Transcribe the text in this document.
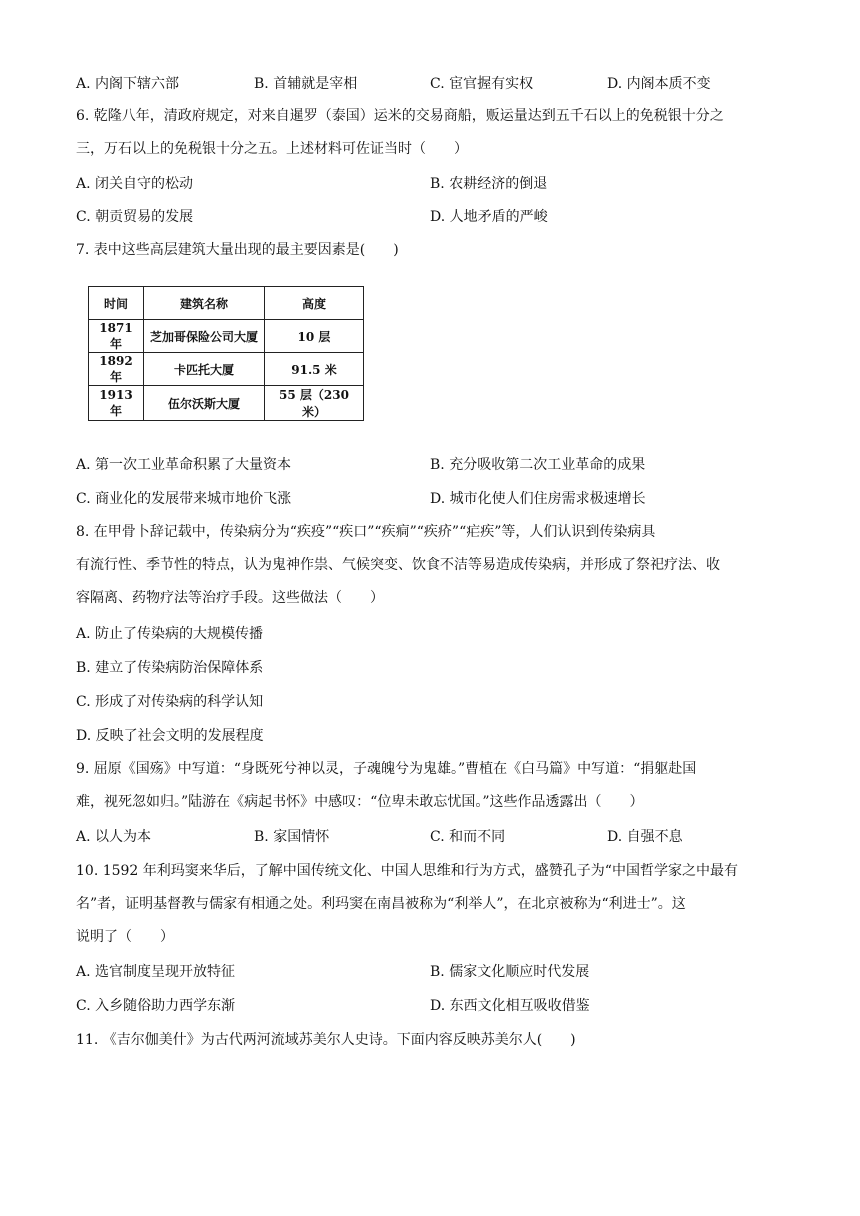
A. 内阁下辖六部	B. 首辅就是宰相	C. 宦官握有实权	D. 内阁本质不变
6. 乾隆八年，清政府规定，对来自暹罗（泰国）运米的交易商船，贩运量达到五千石以上的免税银十分之
三，万石以上的免税银十分之五。上述材料可佐证当时（　　）
A. 闭关自守的松动	B. 农耕经济的倒退
C. 朝贡贸易的发展	D. 人地矛盾的严峻
7. 表中这些高层建筑大量出现的最主要因素是(　　)
时间	建筑名称	高度
1871 年	芝加哥保险公司大厦	10 层
1892 年	卡匹托大厦	91.5 米
1913 年	伍尔沃斯大厦	55 层（230 米）
A. 第一次工业革命积累了大量资本	B. 充分吸收第二次工业革命的成果
C. 商业化的发展带来城市地价飞涨	D. 城市化使人们住房需求极速增长
8. 在甲骨卜辞记载中，传染病分为“疾疫”“疾口”“疾痌”“疾疥”“疟疾”等，人们认识到传染病具
有流行性、季节性的特点，认为鬼神作祟、气候突变、饮食不洁等易造成传染病，并形成了祭祀疗法、收
容隔离、药物疗法等治疗手段。这些做法（　　）
A. 防止了传染病的大规模传播
B. 建立了传染病防治保障体系
C. 形成了对传染病的科学认知
D. 反映了社会文明的发展程度
9. 屈原《国殇》中写道：“身既死兮神以灵，子魂魄兮为鬼雄。”曹植在《白马篇》中写道：“捐躯赴国
难，视死忽如归。”陆游在《病起书怀》中感叹：“位卑未敢忘忧国。”这些作品透露出（　　）
A. 以人为本	B. 家国情怀	C. 和而不同	D. 自强不息
10. 1592 年利玛窦来华后，了解中国传统文化、中国人思维和行为方式，盛赞孔子为“中国哲学家之中最有
名”者，证明基督教与儒家有相通之处。利玛窦在南昌被称为“利举人”，在北京被称为“利进士”。这
说明了（　　）
A. 选官制度呈现开放特征	B. 儒家文化顺应时代发展
C. 入乡随俗助力西学东渐	D. 东西文化相互吸收借鉴
11. 《吉尔伽美什》为古代两河流域苏美尔人史诗。下面内容反映苏美尔人(　　)
